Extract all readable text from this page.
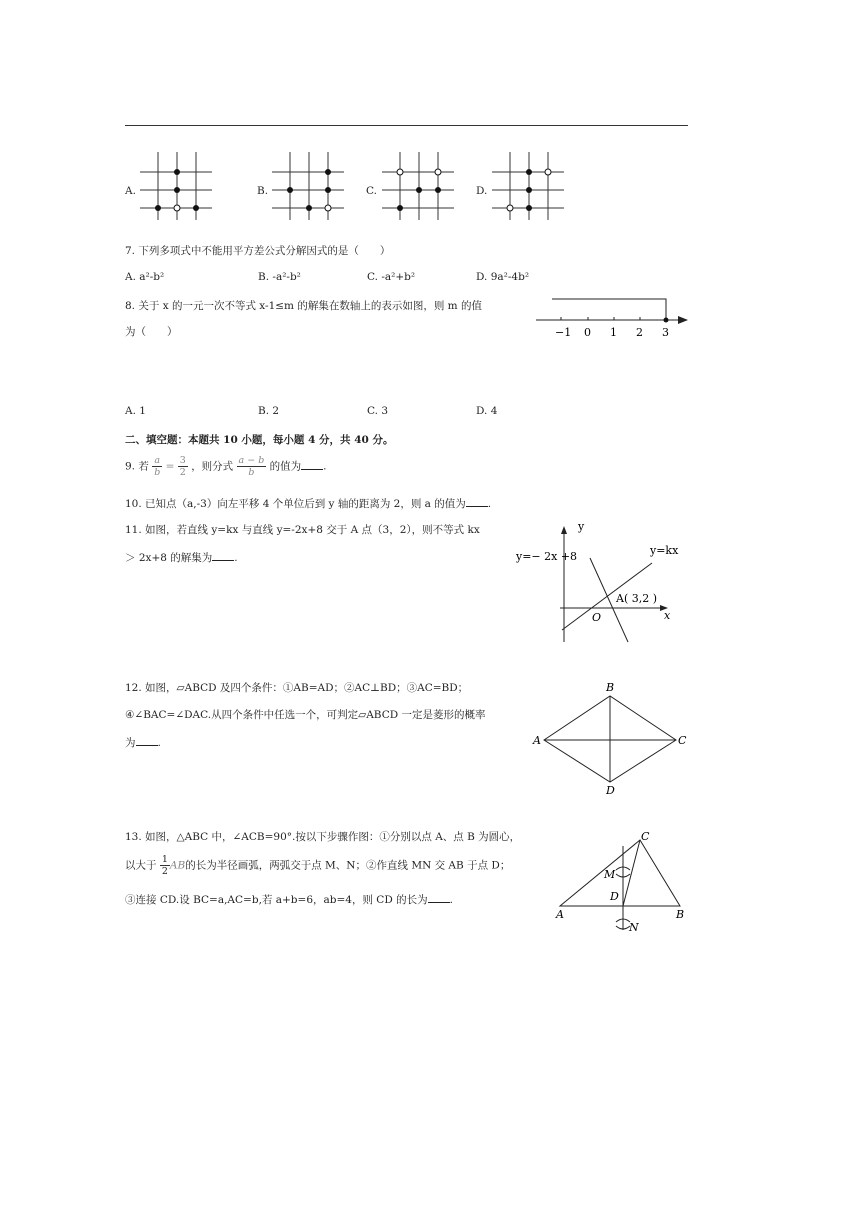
A.	B.	C.	D.
7. 下列多项式中不能用平方差公式分解因式的是（　　）
A. a²-b²	B. -a²-b²	C. -a²+b²	D. 9a²-4b²
8. 关于 x 的一元一次不等式 x-1≤m 的解集在数轴上的表示如图，则 m 的值
为（　　）	−1 0 1 2 3
A. 1	B. 2	C. 3	D. 4
二、填空题：本题共 10 小题，每小题 4 分，共 40 分。
9. 若 $\frac{a}{b} = \frac{3}{2}$ ，则分式 $\frac{a - b}{b}$ 的值为 .
10. 已知点（a,-3）向左平移 4 个单位后到 y 轴的距离为 2，则 a 的值为 .
11. 如图，若直线 y=kx 与直线 y=-2x+8 交于 A 点（3，2），则不等式 kx
＞ 2x+8 的解集为 .
y
x
O
y=− 2x +8	y=kx
A( 3,2 )
12. 如图，▱ABCD 及四个条件：①AB=AD；②AC⊥BD；③AC=BD；
④∠BAC=∠DAC.从四个条件中任选一个，可判定▱ABCD 一定是菱形的概率
为 .
B
A	C
D
13. 如图，△ABC 中，∠ACB=90°.按以下步骤作图：①分别以点 A、点 B 为圆心，
以大于 $\frac{1}{2}$ AB的长为半径画弧，两弧交于点 M、N；②作直线 MN 交 AB 于点 D；
③连接 CD.设 BC=a,AC=b,若 a+b=6，ab=4，则 CD 的长为 .
C
M
D
A	B
N
